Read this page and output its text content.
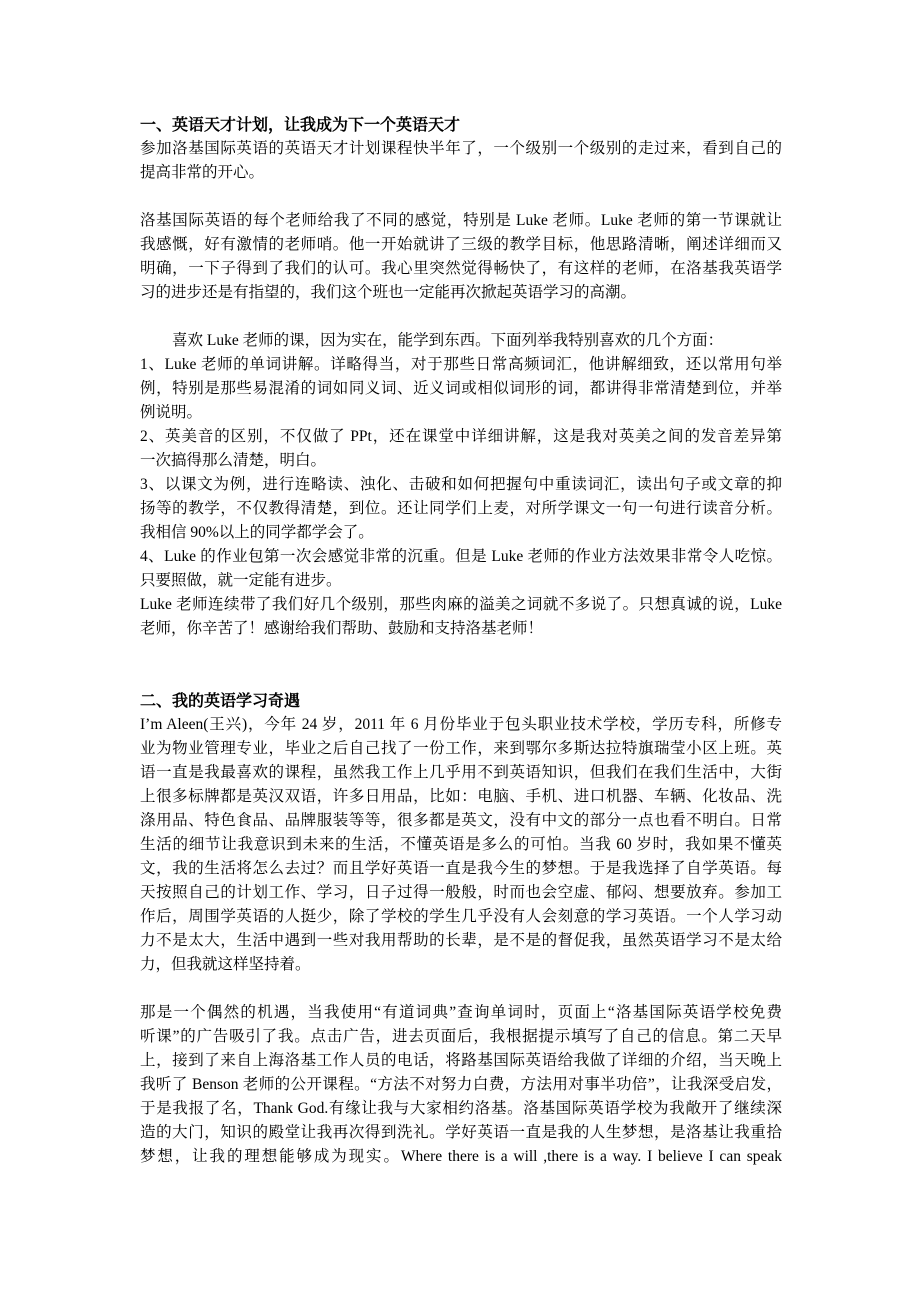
一、英语天才计划，让我成为下一个英语天才
参加洛基国际英语的英语天才计划课程快半年了，一个级别一个级别的走过来，看到自己的
提高非常的开心。
洛基国际英语的每个老师给我了不同的感觉，特别是 Luke 老师。Luke 老师的第一节课就让
我感慨，好有激情的老师哨。他一开始就讲了三级的教学目标，他思路清晰，阐述详细而又
明确，一下子得到了我们的认可。我心里突然觉得畅快了，有这样的老师，在洛基我英语学
习的进步还是有指望的，我们这个班也一定能再次掀起英语学习的高潮。
喜欢 Luke 老师的课，因为实在，能学到东西。下面列举我特别喜欢的几个方面：
1、Luke 老师的单词讲解。详略得当，对于那些日常高频词汇，他讲解细致，还以常用句举
例，特别是那些易混淆的词如同义词、近义词或相似词形的词，都讲得非常清楚到位，并举
例说明。
2、英美音的区别，不仅做了 PPt，还在课堂中详细讲解，这是我对英美之间的发音差异第
一次搞得那么清楚，明白。
3、以课文为例，进行连略读、浊化、击破和如何把握句中重读词汇，读出句子或文章的抑
扬等的教学，不仅教得清楚，到位。还让同学们上麦，对所学课文一句一句进行读音分析。
我相信 90%以上的同学都学会了。
4、Luke 的作业包第一次会感觉非常的沉重。但是 Luke 老师的作业方法效果非常令人吃惊。
只要照做，就一定能有进步。
Luke 老师连续带了我们好几个级别，那些肉麻的溢美之词就不多说了。只想真诚的说，Luke
老师，你辛苦了！感谢给我们帮助、鼓励和支持洛基老师！
二、我的英语学习奇遇
I’m Aleen(王兴)，今年 24 岁，2011 年 6 月份毕业于包头职业技术学校，学历专科，所修专
业为物业管理专业，毕业之后自己找了一份工作，来到鄂尔多斯达拉特旗瑞莹小区上班。英
语一直是我最喜欢的课程，虽然我工作上几乎用不到英语知识，但我们在我们生活中，大街
上很多标牌都是英汉双语，许多日用品，比如：电脑、手机、进口机器、车辆、化妆品、洗
涤用品、特色食品、品牌服装等等，很多都是英文，没有中文的部分一点也看不明白。日常
生活的细节让我意识到未来的生活，不懂英语是多么的可怕。当我 60 岁时，我如果不懂英
文，我的生活将怎么去过？而且学好英语一直是我今生的梦想。于是我选择了自学英语。每
天按照自己的计划工作、学习，日子过得一般般，时而也会空虚、郁闷、想要放弃。参加工
作后，周围学英语的人挺少，除了学校的学生几乎没有人会刻意的学习英语。一个人学习动
力不是太大，生活中遇到一些对我用帮助的长辈，是不是的督促我，虽然英语学习不是太给
力，但我就这样坚持着。
那是一个偶然的机遇，当我使用“有道词典”查询单词时，页面上“洛基国际英语学校免费
听课”的广告吸引了我。点击广告，进去页面后，我根据提示填写了自己的信息。第二天早
上，接到了来自上海洛基工作人员的电话，将路基国际英语给我做了详细的介绍，当天晚上
我听了 Benson 老师的公开课程。“方法不对努力白费，方法用对事半功倍”，让我深受启发，
于是我报了名，Thank God.有缘让我与大家相约洛基。洛基国际英语学校为我敞开了继续深
造的大门，知识的殿堂让我再次得到洗礼。学好英语一直是我的人生梦想，是洛基让我重拾
梦想，让我的理想能够成为现实。Where there is a will ,there is a way. I believe I can speak
